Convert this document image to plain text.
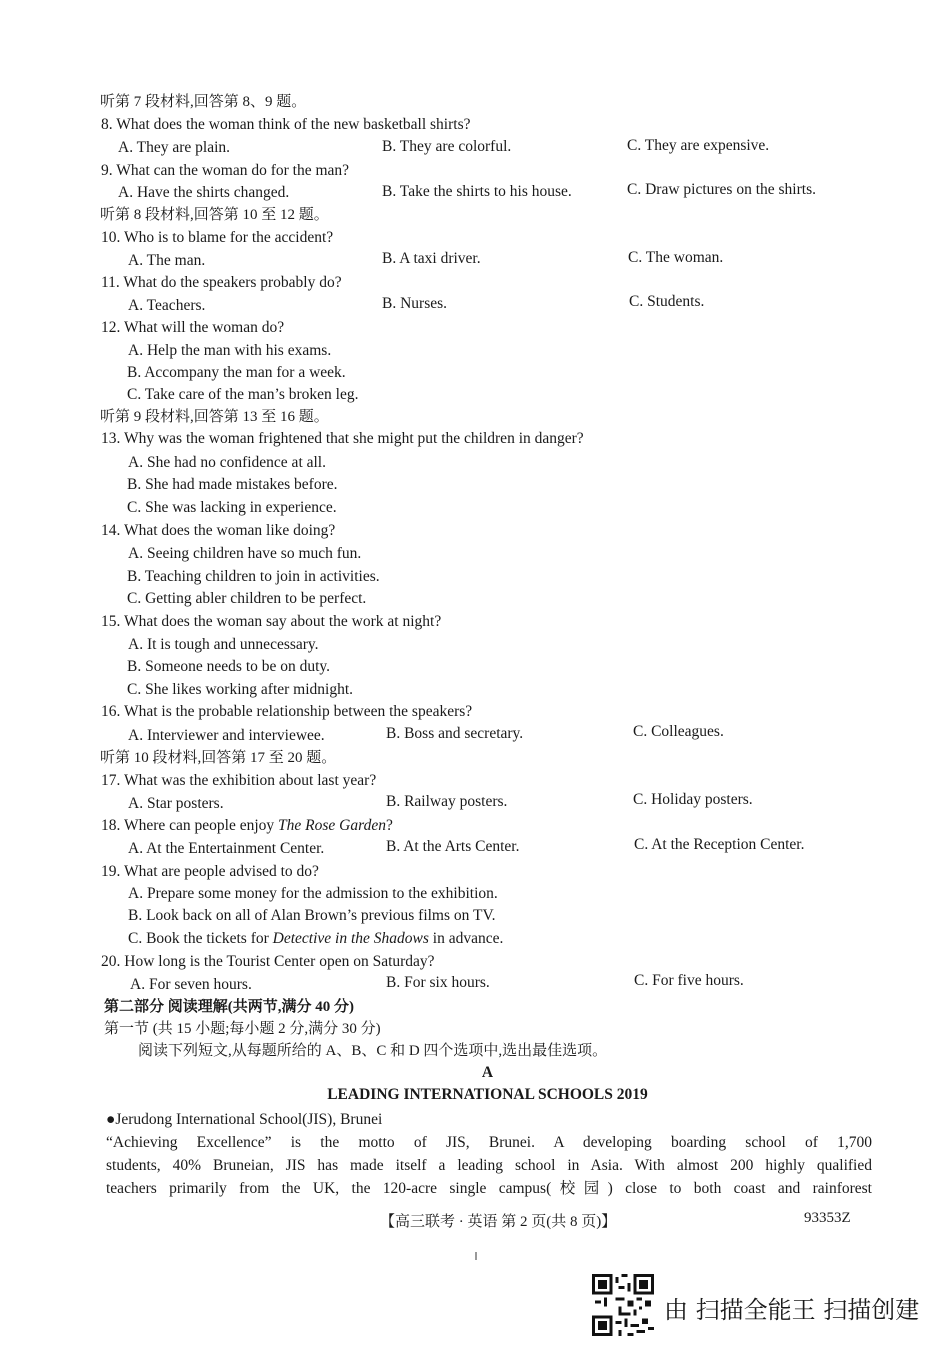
听第 7 段材料,回答第 8、9 题。
8. What does the woman think of the new basketball shirts?
A. They are plain.	B. They are colorful.	C. They are expensive.
9. What can the woman do for the man?
A. Have the shirts changed.	B. Take the shirts to his house.	C. Draw pictures on the shirts.
听第 8 段材料,回答第 10 至 12 题。
10. Who is to blame for the accident?
A. The man.	B. A taxi driver.	C. The woman.
11. What do the speakers probably do?
A. Teachers.	B. Nurses.	C. Students.
12. What will the woman do?
A. Help the man with his exams.
B. Accompany the man for a week.
C. Take care of the man’s broken leg.
听第 9 段材料,回答第 13 至 16 题。
13. Why was the woman frightened that she might put the children in danger?
A. She had no confidence at all.
B. She had made mistakes before.
C. She was lacking in experience.
14. What does the woman like doing?
A. Seeing children have so much fun.
B. Teaching children to join in activities.
C. Getting abler children to be perfect.
15. What does the woman say about the work at night?
A. It is tough and unnecessary.
B. Someone needs to be on duty.
C. She likes working after midnight.
16. What is the probable relationship between the speakers?
A. Interviewer and interviewee.	B. Boss and secretary.	C. Colleagues.
听第 10 段材料,回答第 17 至 20 题。
17. What was the exhibition about last year?
A. Star posters.	B. Railway posters.	C. Holiday posters.
18. Where can people enjoy The Rose Garden?
A. At the Entertainment Center.	B. At the Arts Center.	C. At the Reception Center.
19. What are people advised to do?
A. Prepare some money for the admission to the exhibition.
B. Look back on all of Alan Brown’s previous films on TV.
C. Book the tickets for Detective in the Shadows in advance.
20. How long is the Tourist Center open on Saturday?
A. For seven hours.	B. For six hours.	C. For five hours.
第二部分 阅读理解(共两节,满分 40 分)
第一节 (共 15 小题;每小题 2 分,满分 30 分)
阅读下列短文,从每题所给的 A、B、C 和 D 四个选项中,选出最佳选项。
A
LEADING INTERNATIONAL SCHOOLS 2019
●Jerudong International School(JIS), Brunei
“Achieving Excellence” is the motto of JIS, Brunei. A developing boarding school of 1,700
students, 40% Bruneian, JIS has made itself a leading school in Asia. With almost 200 highly qualified
teachers primarily from the UK, the 120-acre single campus(校园) close to both coast and rainforest
【高三联考 · 英语 第 2 页(共 8 页)】	93353Z
由 扫描全能王 扫描创建
